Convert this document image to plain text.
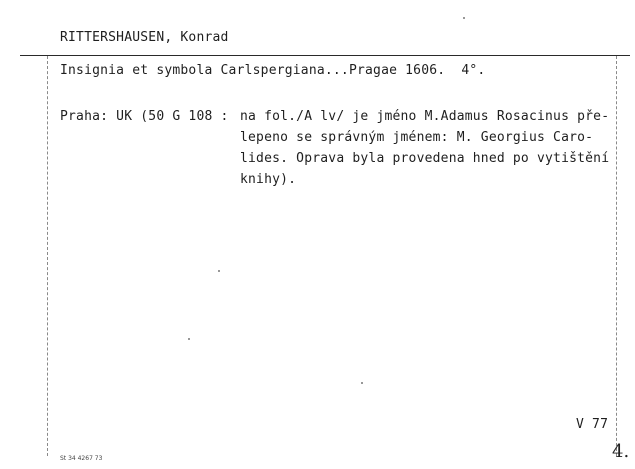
RITTERSHAUSEN, Konrad
Insignia et symbola Carlspergiana...Pragae 1606.  4°.
Praha: UK (50 G 108 : na fol./A lv/ je jméno M.Adamus Rosacinus pře-
lepeno se správným jménem: M. Georgius Caro-
lides. Oprava byla provedena hned po vytištění
knihy).
V 77
St 34 4267 73	4.
